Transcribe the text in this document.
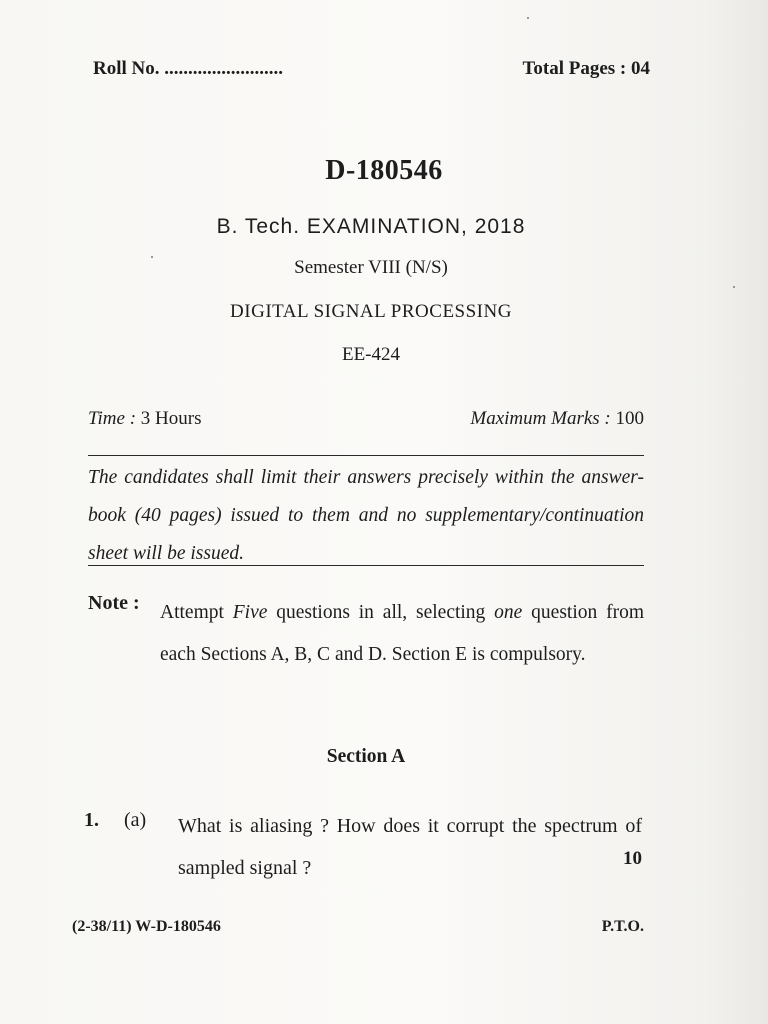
Roll No. .........................	Total Pages : 04
D-180546
B. Tech. EXAMINATION, 2018
Semester VIII (N/S)
DIGITAL SIGNAL PROCESSING
EE-424
Time : 3 Hours	Maximum Marks : 100
The candidates shall limit their answers precisely within the answer-book (40 pages) issued to them and no supplementary/continuation sheet will be issued.
Note : Attempt Five questions in all, selecting one question from each Sections A, B, C and D. Section E is compulsory.
Section A
1. (a) What is aliasing ? How does it corrupt the spectrum of sampled signal ?	10
(2-38/11) W-D-180546	P.T.O.
